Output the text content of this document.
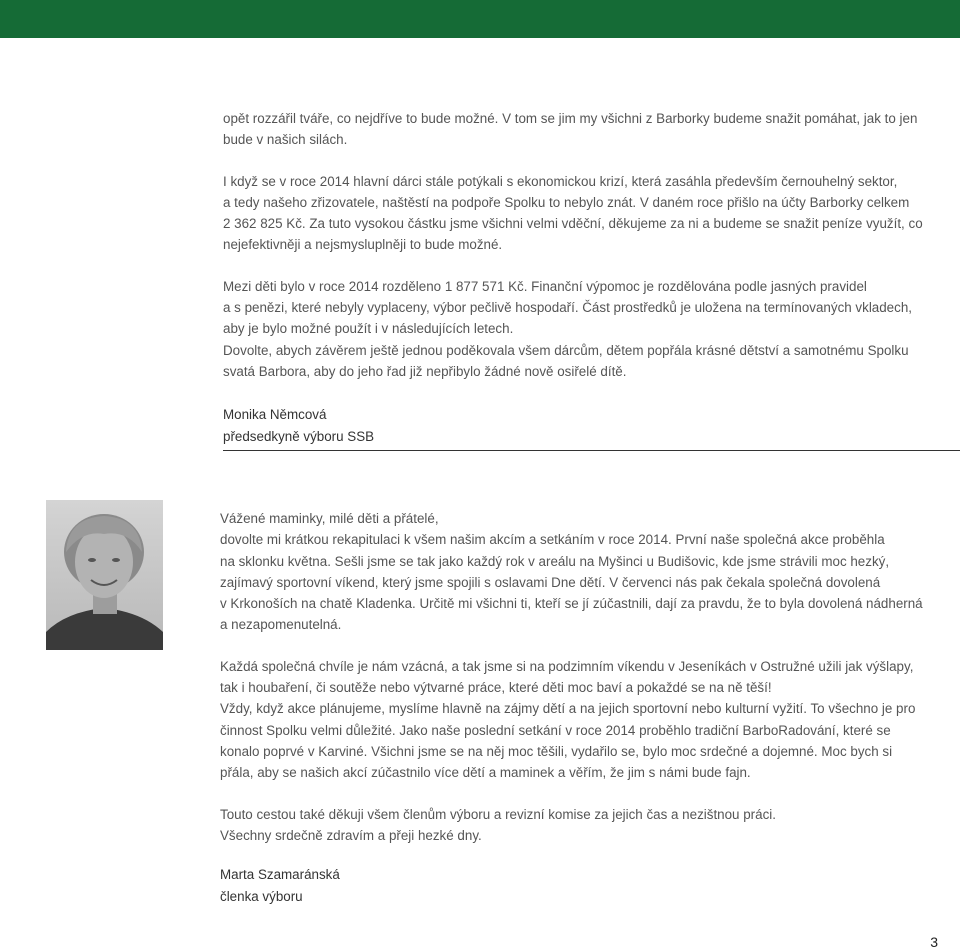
opět rozzářil tváře, co nejdříve to bude možné. V tom se jim my všichni z Barborky budeme snažit pomáhat, jak to jen

bude v našich silách.

I když se v roce 2014 hlavní dárci stále potýkali s ekonomickou krizí, která zasáhla především černouhelný sektor,

a tedy našeho zřizovatele, naštěstí na podpoře Spolku to nebylo znát. V daném roce přišlo na účty Barborky celkem

2 362 825 Kč. Za tuto vysokou částku jsme všichni velmi vděční, děkujeme za ni a budeme se snažit peníze využít, co

nejefektivněji a nejsmysluplněji to bude možné.

Mezi děti bylo v roce 2014 rozděleno 1 877 571 Kč. Finanční výpomoc je rozdělována podle jasných pravidel

a s penězi, které nebyly vyplaceny, výbor pečlivě hospodaří. Část prostředků je uložena na termínovaných vkladech,

aby je bylo možné použít i v následujících letech.

Dovolte, abych závěrem ještě jednou poděkovala všem dárcům, dětem popřála krásné dětství a samotnému Spolku

svatá Barbora, aby do jeho řad již nepřibylo žádné nově osiřelé dítě.

Monika Němcová
předsedkyně výboru SSB

Vážené maminky, milé děti a přátelé,

dovolte mi krátkou rekapitulaci k všem našim akcím a setkáním v roce 2014. První naše společná akce proběhla

na sklonku května. Sešli jsme se tak jako každý rok v areálu na Myšinci u Budišovic, kde jsme strávili moc hezký,

zajímavý sportovní víkend, který jsme spojili s oslavami Dne dětí. V červenci nás pak čekala společná dovolená

v Krkonoších na chatě Kladenka. Určitě mi všichni ti, kteří se jí zúčastnili, dají za pravdu, že to byla dovolená nádherná

a nezapomenutelná.

Každá společná chvíle je nám vzácná, a tak jsme si na podzimním víkendu v Jeseníkách v Ostružné užili jak výšlapy,

tak i houbaření, či soutěže nebo výtvarné práce, které děti moc baví a pokaždé se na ně těší!

Vždy, když akce plánujeme, myslíme hlavně na zájmy dětí a na jejich sportovní nebo kulturní vyžití. To všechno je pro

činnost Spolku velmi důležité. Jako naše poslední setkání v roce 2014 proběhlo tradiční BarboRadování, které se

konalo poprvé v Karviné. Všichni jsme se na něj moc těšili, vydařilo se, bylo moc srdečné a dojemné. Moc bych si

přála, aby se našich akcí zúčastnilo více dětí a maminek a věřím, že jim s námi bude fajn.

Touto cestou také děkuji všem členům výboru a revizní komise za jejich čas a nezištnou práci.

Všechny srdečně zdravím a přeji hezké dny.

Marta Szamaránská
členka výboru
3
